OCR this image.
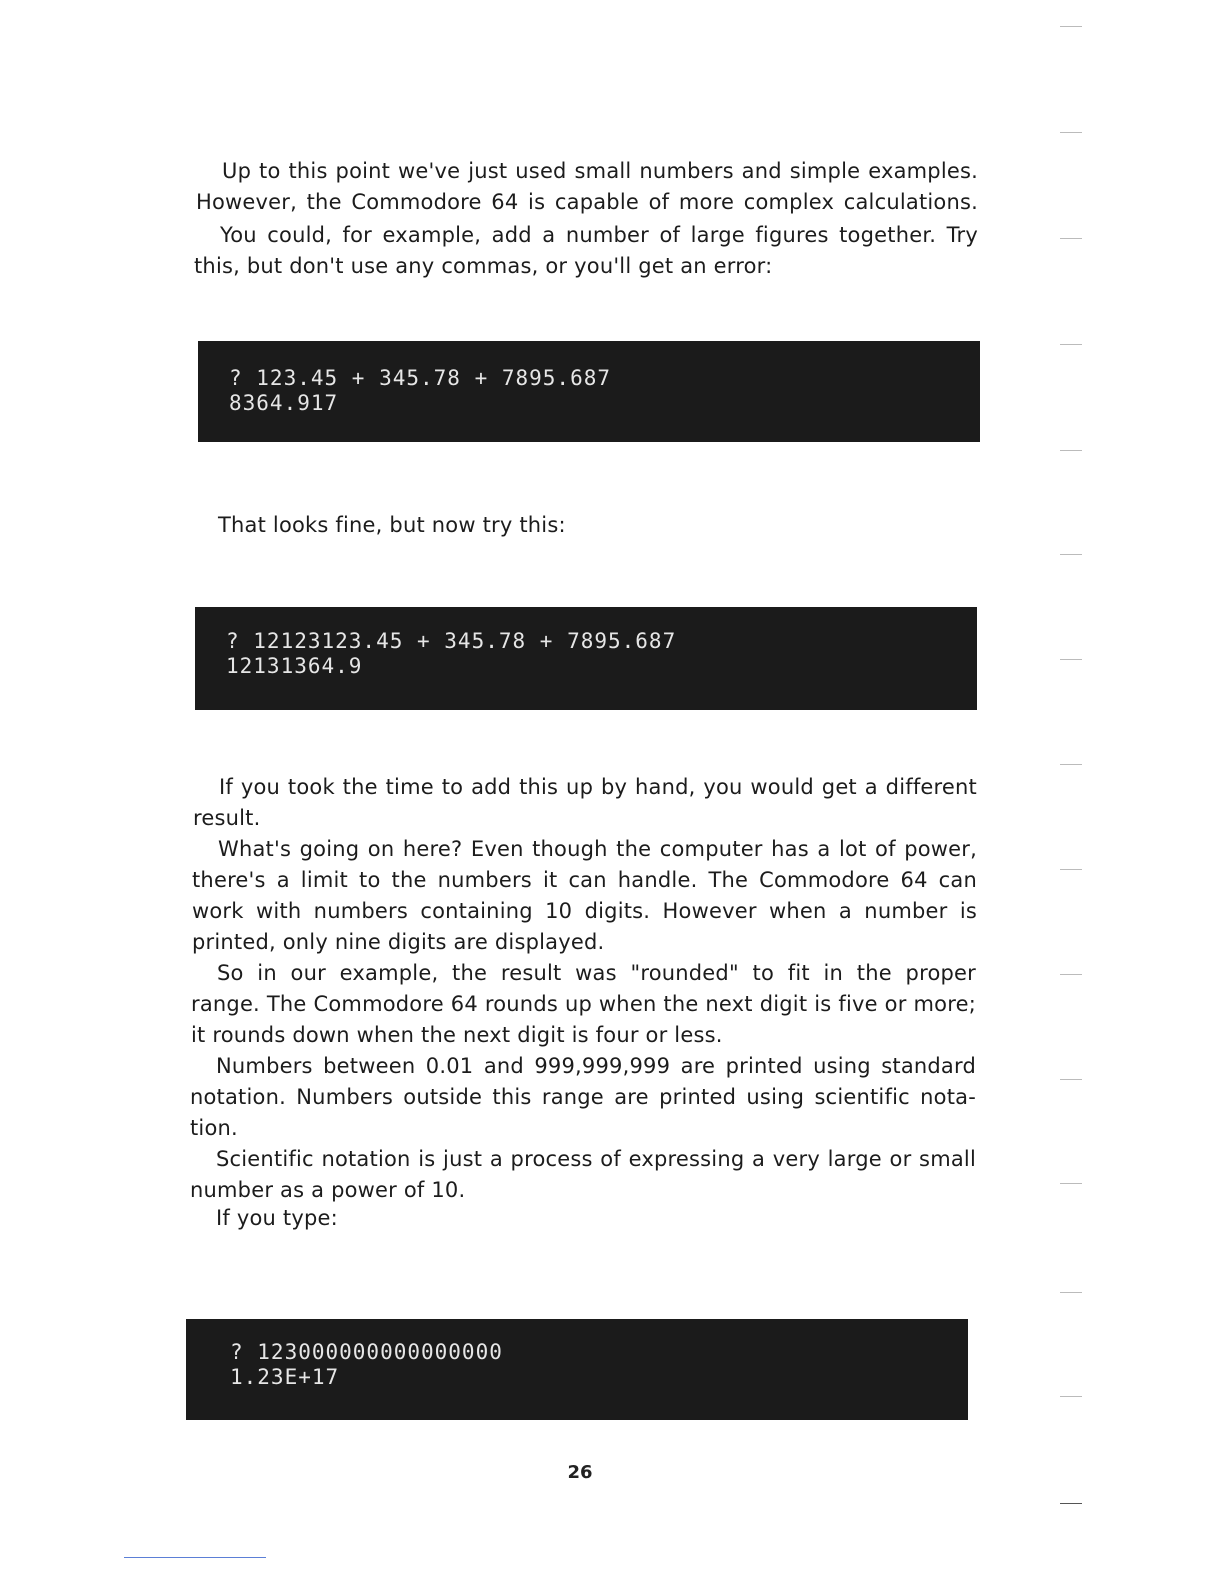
Up to this point we've just used small numbers and simple examples.
However, the Commodore 64 is capable of more complex calculations.
You could, for example, add a number of large figures together. Try
this, but don't use any commas, or you'll get an error:
? 123.45 + 345.78 + 7895.687
8364.917
That looks fine, but now try this:
? 12123123.45 + 345.78 + 7895.687
12131364.9
If you took the time to add this up by hand, you would get a different
result.
What's going on here? Even though the computer has a lot of power,
there's a limit to the numbers it can handle. The Commodore 64 can
work with numbers containing 10 digits. However when a number is
printed, only nine digits are displayed.
So in our example, the result was "rounded" to fit in the proper
range. The Commodore 64 rounds up when the next digit is five or more;
it rounds down when the next digit is four or less.
Numbers between 0.01 and 999,999,999 are printed using standard
notation. Numbers outside this range are printed using scientific nota-
tion.
Scientific notation is just a process of expressing a very large or small
number as a power of 10.
If you type:
? 123000000000000000
1.23E+17
26
